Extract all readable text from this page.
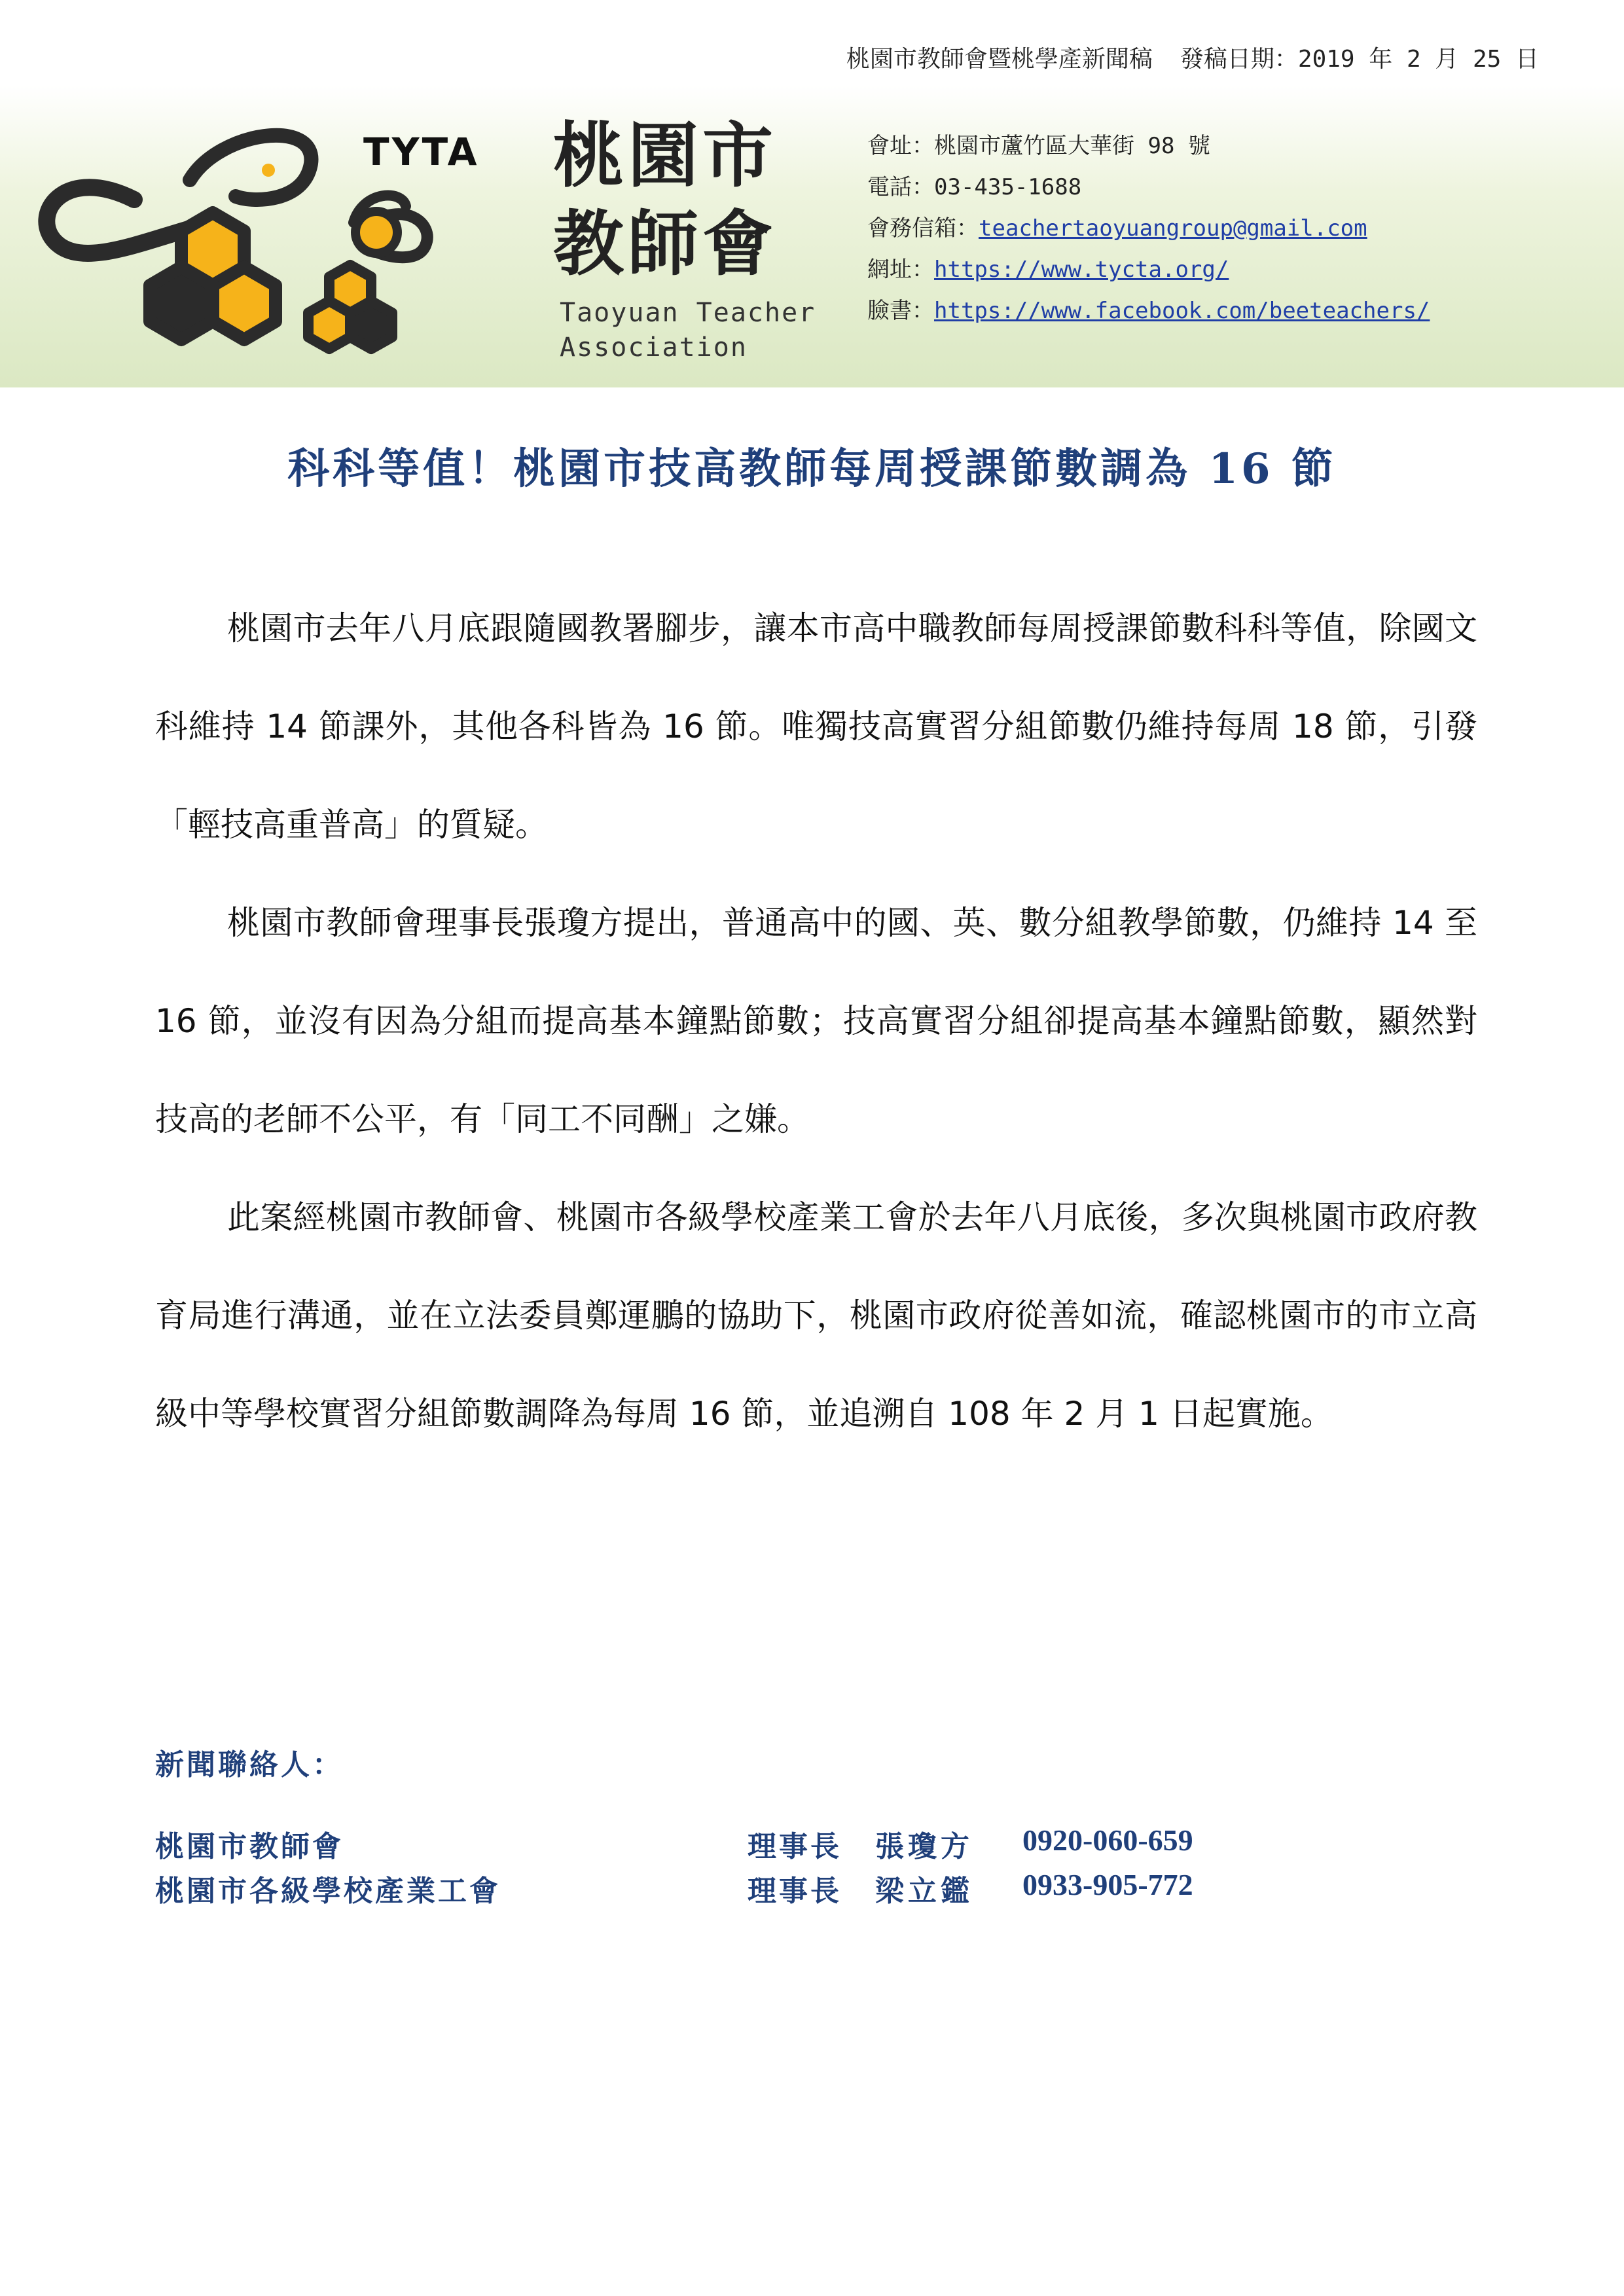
桃園市教師會暨桃學產新聞稿 發稿日期：2019 年 2 月 25 日
TYTA 桃園市
教師會
Taoyuan Teacher
Association
會址：桃園市蘆竹區大華街 98 號
電話：03-435-1688
會務信箱：teachertaoyuangroup@gmail.com
網址：https://www.tycta.org/
臉書：https://www.facebook.com/beeteachers/
科科等值！桃園市技高教師每周授課節數調為 16 節

桃園市去年八月底跟隨國教署腳步，讓本市高中職教師每周授課節數科科等值，除國文科維持 14 節課外，其他各科皆為 16 節。唯獨技高實習分組節數仍維持每周 18 節，引發「輕技高重普高」的質疑。

桃園市教師會理事長張瓊方提出，普通高中的國、英、數分組教學節數，仍維持 14 至 16 節，並沒有因為分組而提高基本鐘點節數；技高實習分組卻提高基本鐘點節數，顯然對技高的老師不公平，有「同工不同酬」之嫌。

此案經桃園市教師會、桃園市各級學校產業工會於去年八月底後，多次與桃園市政府教育局進行溝通，並在立法委員鄭運鵬的協助下，桃園市政府從善如流，確認桃園市的市立高級中等學校實習分組節數調降為每周 16 節，並追溯自 108 年 2 月 1 日起實施。

新聞聯絡人：
桃園市教師會	理事長 張瓊方 0920-060-659
桃園市各級學校產業工會	理事長 梁立鑑 0933-905-772
